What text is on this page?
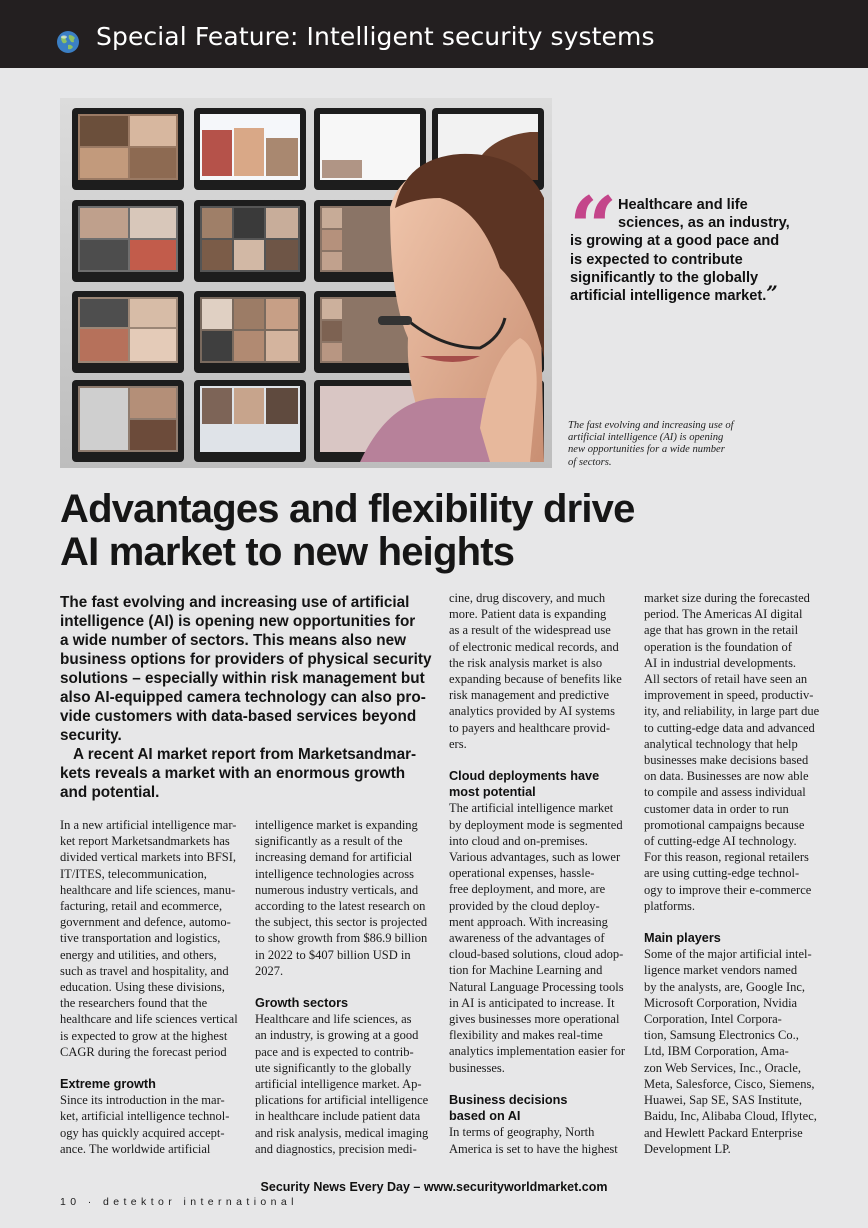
Special Feature: Intelligent security systems
“ Healthcare and life
sciences, as an industry,
is growing at a good pace and
is expected to contribute
significantly to the globally
artificial intelligence market.”
The fast evolving and increasing use of
artificial intelligence (AI) is opening
new opportunities for a wide number
of sectors.
Advantages and flexibility drive
AI market to new heights
The fast evolving and increasing use of artificial
intelligence (AI) is opening new opportunities for
a wide number of sectors. This means also new
business options for providers of physical security
solutions – especially within risk management but
also AI-equipped camera technology can also pro-
vide customers with data-based services beyond
security.
A recent AI market report from Marketsandmar-
kets reveals a market with an enormous growth
and potential.
In a new artificial intelligence mar-
ket report Marketsandmarkets has
divided vertical markets into BFSI,
IT/ITES, telecommunication,
healthcare and life sciences, manu-
facturing, retail and ecommerce,
government and defence, automo-
tive transportation and logistics,
energy and utilities, and others,
such as travel and hospitality, and
education. Using these divisions,
the researchers found that the
healthcare and life sciences vertical
is expected to grow at the highest
CAGR during the forecast period
Extreme growth
Since its introduction in the mar-
ket, artificial intelligence technol-
ogy has quickly acquired accept-
ance. The worldwide artificial
intelligence market is expanding
significantly as a result of the
increasing demand for artificial
intelligence technologies across
numerous industry verticals, and
according to the latest research on
the subject, this sector is projected
to show growth from $86.9 billion
in 2022 to $407 billion USD in
2027.
Growth sectors
Healthcare and life sciences, as
an industry, is growing at a good
pace and is expected to contrib-
ute significantly to the globally
artificial intelligence market. Ap-
plications for artificial intelligence
in healthcare include patient data
and risk analysis, medical imaging
and diagnostics, precision medi-
cine, drug discovery, and much
more. Patient data is expanding
as a result of the widespread use
of electronic medical records, and
the risk analysis market is also
expanding because of benefits like
risk management and predictive
analytics provided by AI systems
to payers and healthcare provid-
ers.
Cloud deployments have
most potential
The artificial intelligence market
by deployment mode is segmented
into cloud and on-premises.
Various advantages, such as lower
operational expenses, hassle-
free deployment, and more, are
provided by the cloud deploy-
ment approach. With increasing
awareness of the advantages of
cloud-based solutions, cloud adop-
tion for Machine Learning and
Natural Language Processing tools
in AI is anticipated to increase. It
gives businesses more operational
flexibility and makes real-time
analytics implementation easier for
businesses.
Business decisions
based on AI
In terms of geography, North
America is set to have the highest
market size during the forecasted
period. The Americas AI digital
age that has grown in the retail
operation is the foundation of
AI in industrial developments.
All sectors of retail have seen an
improvement in speed, productiv-
ity, and reliability, in large part due
to cutting-edge data and advanced
analytical technology that help
businesses make decisions based
on data. Businesses are now able
to compile and assess individual
customer data in order to run
promotional campaigns because
of cutting-edge AI technology.
For this reason, regional retailers
are using cutting-edge technol-
ogy to improve their e-commerce
platforms.
Main players
Some of the major artificial intel-
ligence market vendors named
by the analysts, are, Google Inc,
Microsoft Corporation, Nvidia
Corporation, Intel Corpora-
tion, Samsung Electronics Co.,
Ltd, IBM Corporation, Ama-
zon Web Services, Inc., Oracle,
Meta, Salesforce, Cisco, Siemens,
Huawei, Sap SE, SAS Institute,
Baidu, Inc, Alibaba Cloud, Iflytec,
and Hewlett Packard Enterprise
Development LP.
Security News Every Day – www.securityworldmarket.com
10 · detektor international
